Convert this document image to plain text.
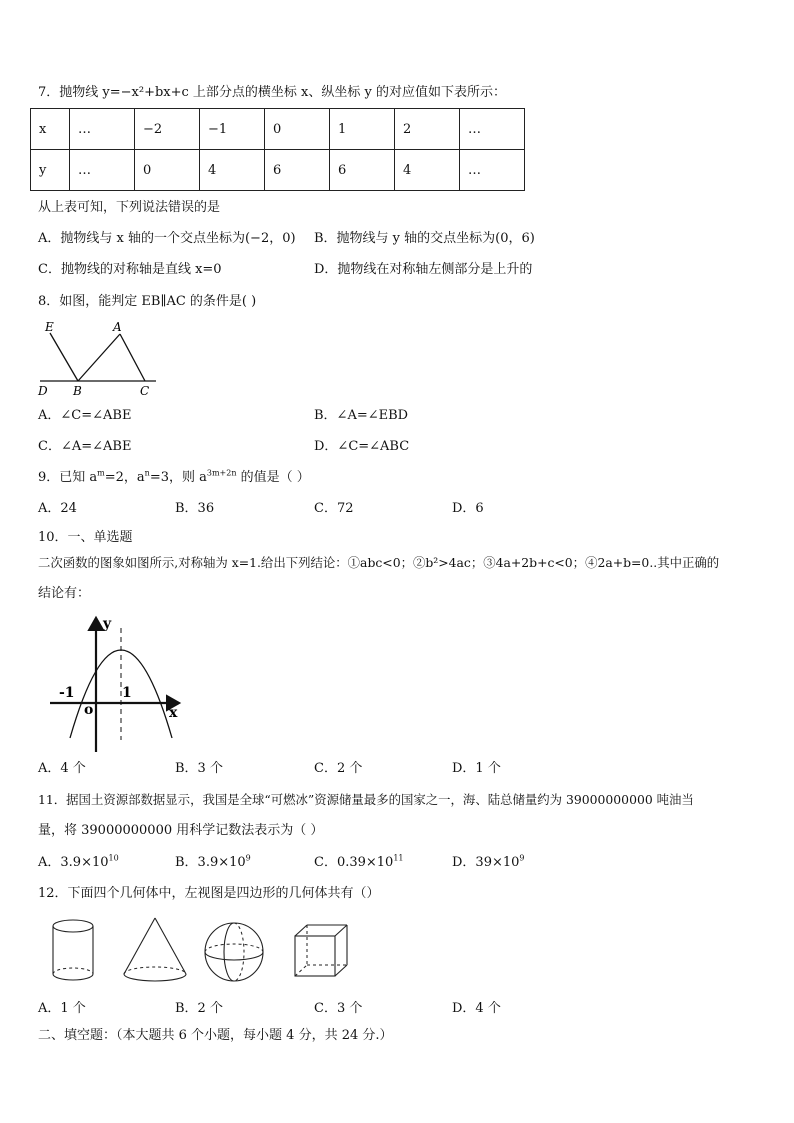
7．抛物线 y=−x²+bx+c 上部分点的横坐标 x、纵坐标 y 的对应值如下表所示：
x	…	−2	−1	0	1	2	…
y	…	0	4	6	6	4	…
从上表可知，下列说法错误的是
A．抛物线与 x 轴的一个交点坐标为(−2，0) B．抛物线与 y 轴的交点坐标为(0，6)
C．抛物线的对称轴是直线 x=0	D．抛物线在对称轴左侧部分是上升的
8．如图，能判定 EB∥AC 的条件是( )
E	A
D B	C
A．∠C=∠ABE	B．∠A=∠EBD
C．∠A=∠ABE	D．∠C=∠ABC
9．已知 $a^m=2$，$a^n=3$，则 $a^{3m+2n}$ 的值是（ ）
A．24	B．36	C．72	D．6
10．一、单选题
二次函数的图象如图所示,对称轴为 x=1.给出下列结论：①abc<0；②b²>4ac；③4a+2b+c<0；④2a+b=0..其中正确的
结论有：
y
x
-1	1
o
A．4 个	B．3 个	C．2 个	D．1 个
11．据国土资源部数据显示，我国是全球“可燃冰”资源储量最多的国家之一，海、陆总储量约为 39000000000 吨油当
量，将 39000000000 用科学记数法表示为（ ）
A．$3.9\times 10^{10}$	B．$3.9\times 10^9$	C．$0.39\times 10^{11}$	D．$39\times 10^9$
12．下面四个几何体中，左视图是四边形的几何体共有（）
A．1 个	B．2 个	C．3 个	D．4 个
二、填空题：（本大题共 6 个小题，每小题 4 分，共 24 分.）
